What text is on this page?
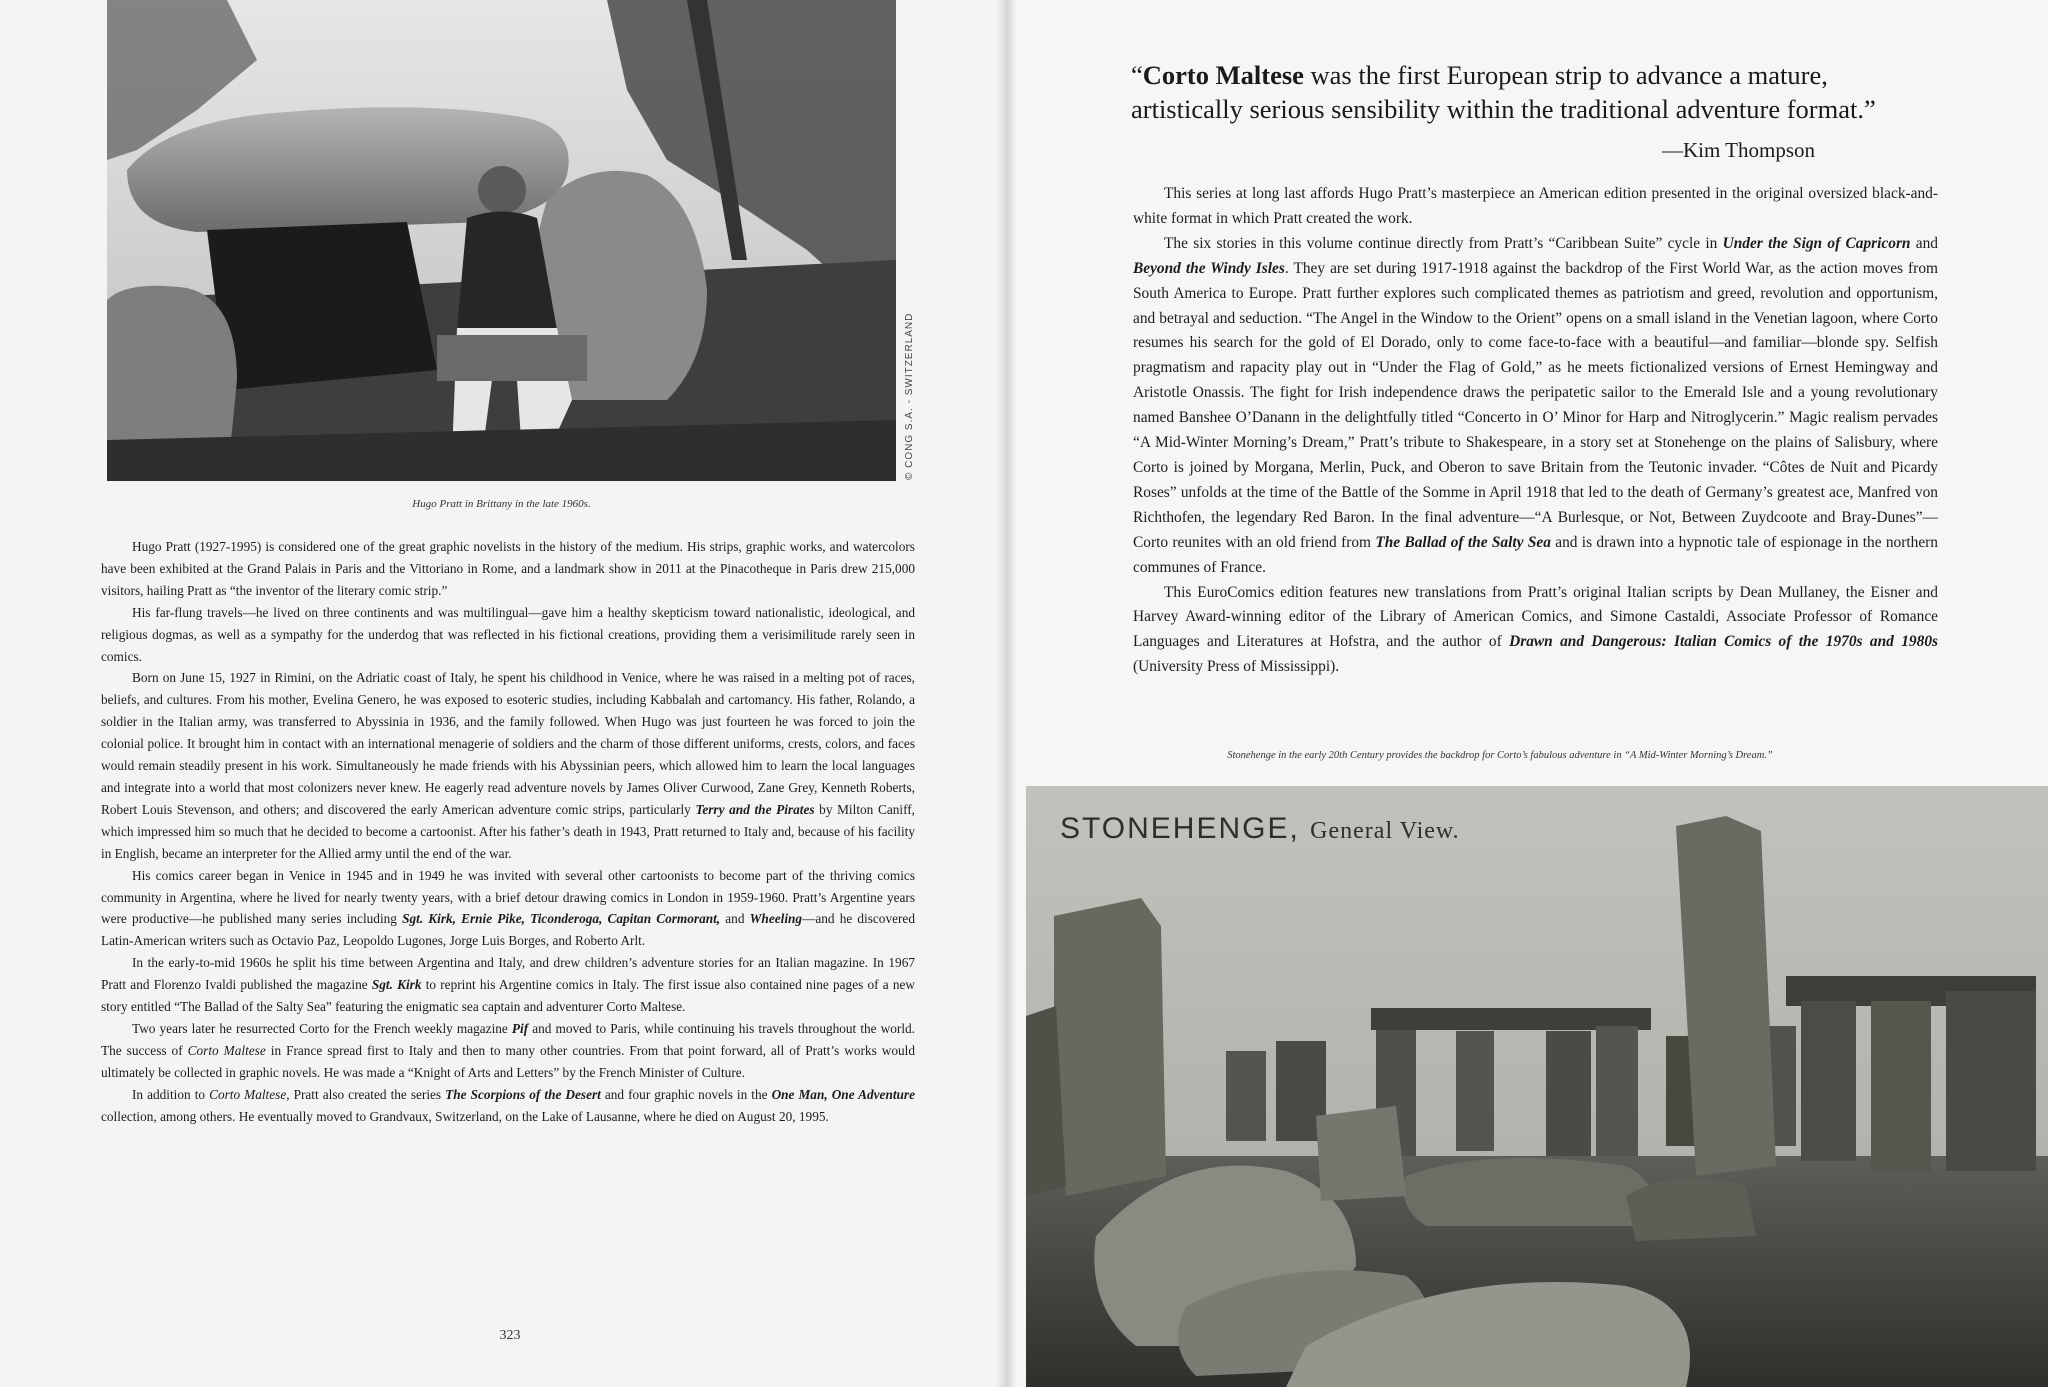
© CONG S.A. - SWITZERLAND
Hugo Pratt in Brittany in the late 1960s.

Hugo Pratt (1927-1995) is considered one of the great graphic novelists in the history of the medium. His strips, graphic works, and watercolors have been exhibited at the Grand Palais in Paris and the Vittoriano in Rome, and a landmark show in 2011 at the Pinacotheque in Paris drew 215,000 visitors, hailing Pratt as “the inventor of the literary comic strip.”

His far-flung travels—he lived on three continents and was multilingual—gave him a healthy skepticism toward nationalistic, ideological, and religious dogmas, as well as a sympathy for the underdog that was reflected in his fictional creations, providing them a verisimilitude rarely seen in comics.

Born on June 15, 1927 in Rimini, on the Adriatic coast of Italy, he spent his childhood in Venice, where he was raised in a melting pot of races, beliefs, and cultures. From his mother, Evelina Genero, he was exposed to esoteric studies, including Kabbalah and cartomancy. His father, Rolando, a soldier in the Italian army, was transferred to Abyssinia in 1936, and the family followed. When Hugo was just fourteen he was forced to join the colonial police. It brought him in contact with an international menagerie of soldiers and the charm of those different uniforms, crests, colors, and faces would remain steadily present in his work. Simultaneously he made friends with his Abyssinian peers, which allowed him to learn the local languages and integrate into a world that most colonizers never knew. He eagerly read adventure novels by James Oliver Curwood, Zane Grey, Kenneth Roberts, Robert Louis Stevenson, and others; and discovered the early American adventure comic strips, particularly Terry and the Pirates by Milton Caniff, which impressed him so much that he decided to become a cartoonist. After his father’s death in 1943, Pratt returned to Italy and, because of his facility in English, became an interpreter for the Allied army until the end of the war.

His comics career began in Venice in 1945 and in 1949 he was invited with several other cartoonists to become part of the thriving comics community in Argentina, where he lived for nearly twenty years, with a brief detour drawing comics in London in 1959-1960. Pratt’s Argentine years were productive—he published many series including Sgt. Kirk, Ernie Pike, Ticonderoga, Capitan Cormorant, and Wheeling—and he discovered Latin-American writers such as Octavio Paz, Leopoldo Lugones, Jorge Luis Borges, and Roberto Arlt.

In the early-to-mid 1960s he split his time between Argentina and Italy, and drew children’s adventure stories for an Italian magazine. In 1967 Pratt and Florenzo Ivaldi published the magazine Sgt. Kirk to reprint his Argentine comics in Italy. The first issue also contained nine pages of a new story entitled “The Ballad of the Salty Sea” featuring the enigmatic sea captain and adventurer Corto Maltese.

Two years later he resurrected Corto for the French weekly magazine Pif and moved to Paris, while continuing his travels throughout the world. The success of Corto Maltese in France spread first to Italy and then to many other countries. From that point forward, all of Pratt’s works would ultimately be collected in graphic novels. He was made a “Knight of Arts and Letters” by the French Minister of Culture.

In addition to Corto Maltese, Pratt also created the series The Scorpions of the Desert and four graphic novels in the One Man, One Adventure collection, among others. He eventually moved to Grandvaux, Switzerland, on the Lake of Lausanne, where he died on August 20, 1995.

323
“Corto Maltese was the first European strip to advance a mature, artistically serious sensibility within the traditional adventure format.”
—Kim Thompson

This series at long last affords Hugo Pratt’s masterpiece an American edition presented in the original oversized black-and-white format in which Pratt created the work.

The six stories in this volume continue directly from Pratt’s “Caribbean Suite” cycle in Under the Sign of Capricorn and Beyond the Windy Isles. They are set during 1917-1918 against the backdrop of the First World War, as the action moves from South America to Europe. Pratt further explores such complicated themes as patriotism and greed, revolution and opportunism, and betrayal and seduction. “The Angel in the Window to the Orient” opens on a small island in the Venetian lagoon, where Corto resumes his search for the gold of El Dorado, only to come face-to-face with a beautiful—and familiar—blonde spy. Selfish pragmatism and rapacity play out in “Under the Flag of Gold,” as he meets fictionalized versions of Ernest Hemingway and Aristotle Onassis. The fight for Irish independence draws the peripatetic sailor to the Emerald Isle and a young revolutionary named Banshee O’Danann in the delightfully titled “Concerto in O’ Minor for Harp and Nitroglycerin.” Magic realism pervades “A Mid-Winter Morning’s Dream,” Pratt’s tribute to Shakespeare, in a story set at Stonehenge on the plains of Salisbury, where Corto is joined by Morgana, Merlin, Puck, and Oberon to save Britain from the Teutonic invader. “Côtes de Nuit and Picardy Roses” unfolds at the time of the Battle of the Somme in April 1918 that led to the death of Germany’s greatest ace, Manfred von Richthofen, the legendary Red Baron. In the final adventure—“A Burlesque, or Not, Between Zuydcoote and Bray-Dunes”—Corto reunites with an old friend from The Ballad of the Salty Sea and is drawn into a hypnotic tale of espionage in the northern communes of France.

This EuroComics edition features new translations from Pratt’s original Italian scripts by Dean Mullaney, the Eisner and Harvey Award-winning editor of the Library of American Comics, and Simone Castaldi, Associate Professor of Romance Languages and Literatures at Hofstra, and the author of Drawn and Dangerous: Italian Comics of the 1970s and 1980s (University Press of Mississippi).

Stonehenge in the early 20th Century provides the backdrop for Corto’s fabulous adventure in “A Mid-Winter Morning’s Dream.”
STONEHENGE, General View.
